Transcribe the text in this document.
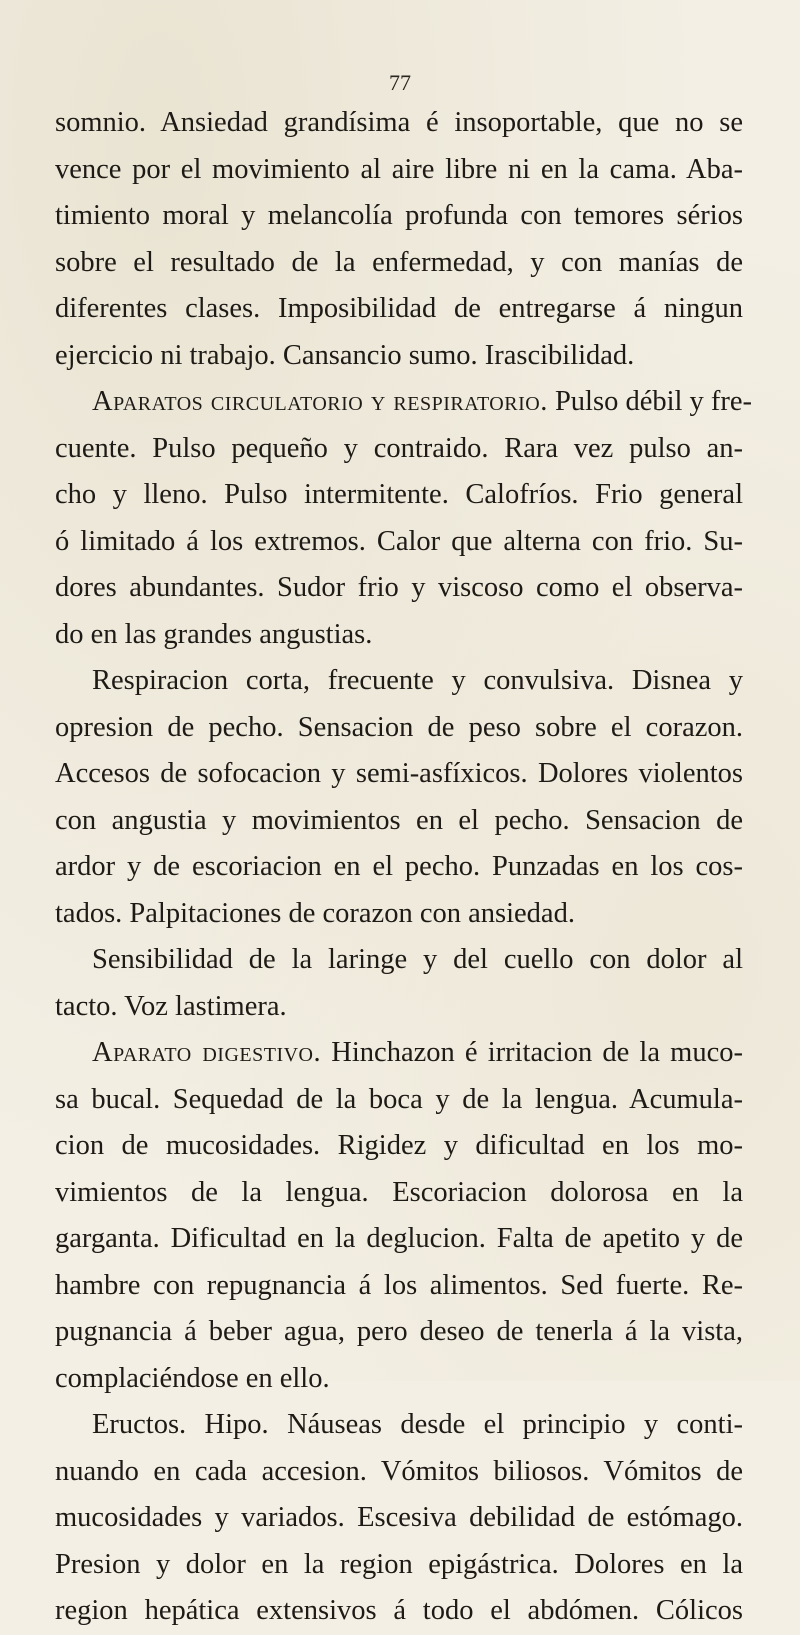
77
somnio. Ansiedad grandísima é insoportable, que no se
vence por el movimiento al aire libre ni en la cama. Aba-
timiento moral y melancolía profunda con temores sérios
sobre el resultado de la enfermedad, y con manías de
diferentes clases. Imposibilidad de entregarse á ningun
ejercicio ni trabajo. Cansancio sumo. Irascibilidad.
Aparatos circulatorio y respiratorio. Pulso débil y fre-
cuente. Pulso pequeño y contraido. Rara vez pulso an-
cho y lleno. Pulso intermitente. Calofríos. Frio general
ó limitado á los extremos. Calor que alterna con frio. Su-
dores abundantes. Sudor frio y viscoso como el observa-
do en las grandes angustias.
Respiracion corta, frecuente y convulsiva. Disnea y
opresion de pecho. Sensacion de peso sobre el corazon.
Accesos de sofocacion y semi-asfíxicos. Dolores violentos
con angustia y movimientos en el pecho. Sensacion de
ardor y de escoriacion en el pecho. Punzadas en los cos-
tados. Palpitaciones de corazon con ansiedad.
Sensibilidad de la laringe y del cuello con dolor al
tacto. Voz lastimera.
Aparato digestivo. Hinchazon é irritacion de la muco-
sa bucal. Sequedad de la boca y de la lengua. Acumula-
cion de mucosidades. Rigidez y dificultad en los mo-
vimientos de la lengua. Escoriacion dolorosa en la
garganta. Dificultad en la deglucion. Falta de apetito y de
hambre con repugnancia á los alimentos. Sed fuerte. Re-
pugnancia á beber agua, pero deseo de tenerla á la vista,
complaciéndose en ello.
Eructos. Hipo. Náuseas desde el principio y conti-
nuando en cada accesion. Vómitos biliosos. Vómitos de
mucosidades y variados. Escesiva debilidad de estómago.
Presion y dolor en la region epigástrica. Dolores en la
region hepática extensivos á todo el abdómen. Cólicos
